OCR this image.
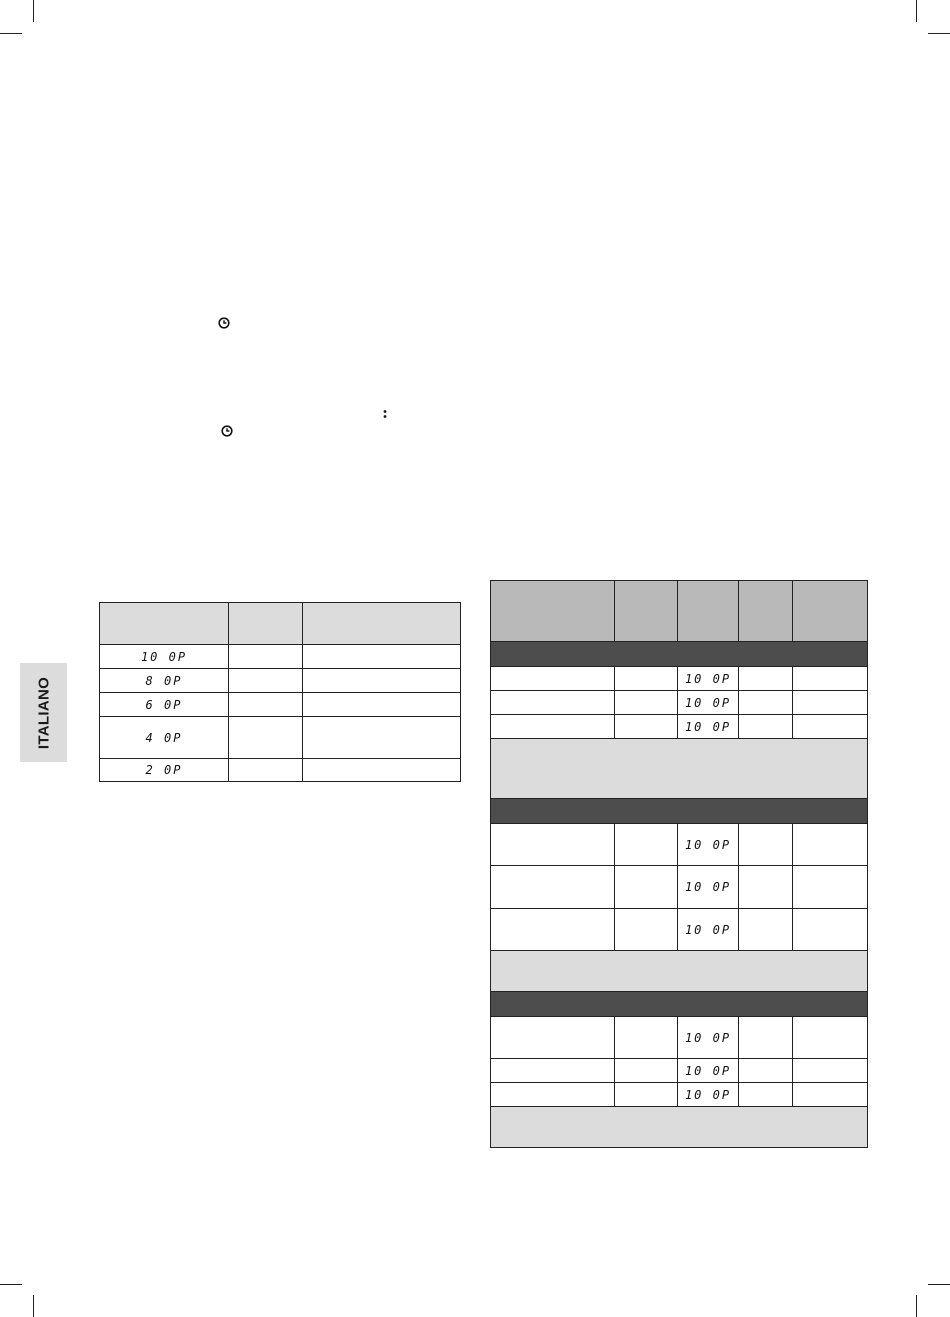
ITALIANO

10 0P		
8 0P		
6 0P		
4 0P		
2 0P		

		10 0P		
		10 0P		
		10 0P		

		10 0P		
		10 0P		
		10 0P		

		10 0P		
		10 0P		
		10 0P		
